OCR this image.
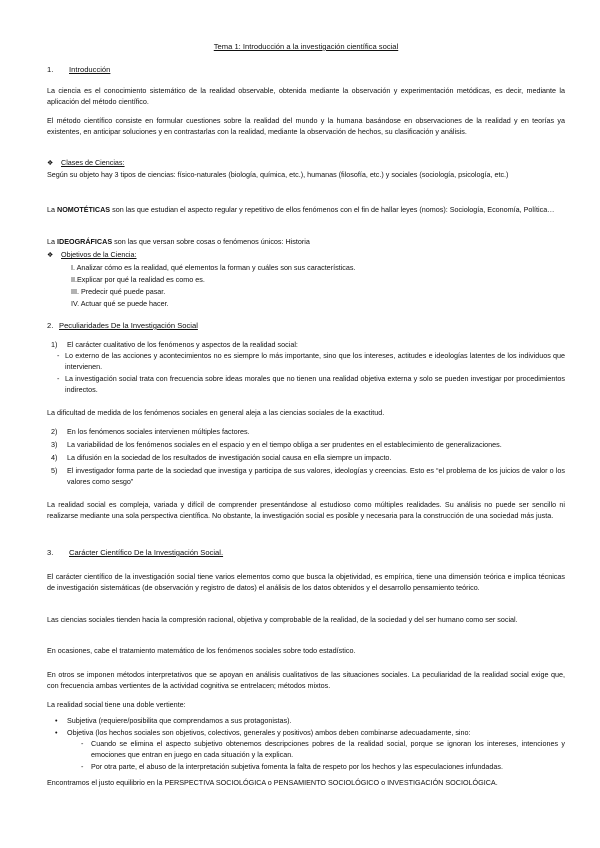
Tema 1: Introducción a la investigación científica social
1. Introducción

La ciencia es el conocimiento sistemático de la realidad observable, obtenida mediante la observación y experimentación metódicas, es decir, mediante la aplicación del método científico.

El método científico consiste en formular cuestiones sobre la realidad del mundo y la humana basándose en observaciones de la realidad y en teorías ya existentes, en anticipar soluciones y en contrastarlas con la realidad, mediante la observación de hechos, su clasificación y análisis.

❖ Clases de Ciencias:

Según su objeto hay 3 tipos de ciencias: físico-naturales (biología, química, etc.), humanas (filosofía, etc.) y sociales (sociología, psicología, etc.)

La NOMOTÉTICAS son las que estudian el aspecto regular y repetitivo de ellos fenómenos con el fin de hallar leyes (nomos): Sociología, Economía, Política…

La IDEOGRÁFICAS son las que versan sobre cosas o fenómenos únicos: Historia

❖ Objetivos de la Ciencia:
I. Analizar cómo es la realidad, qué elementos la forman y cuáles son sus características.
II.Explicar por qué la realidad es como es.
III. Predecir qué puede pasar.
IV. Actuar qué se puede hacer.
2. Peculiaridades De la Investigación Social
1) El carácter cualitativo de los fenómenos y aspectos de la realidad social:
- Lo externo de las acciones y acontecimientos no es siempre lo más importante, sino que los intereses, actitudes e ideologías latentes de los individuos que intervienen.

- La investigación social trata con frecuencia sobre ideas morales que no tienen una realidad objetiva externa y solo se pueden investigar por procedimientos indirectos.

La dificultad de medida de los fenómenos sociales en general aleja a las ciencias sociales de la exactitud.

2) En los fenómenos sociales intervienen múltiples factores.
3) La variabilidad de los fenómenos sociales en el espacio y en el tiempo obliga a ser prudentes en el establecimiento de generalizaciones.
4) La difusión en la sociedad de los resultados de investigación social causa en ella siempre un impacto.
5) El investigador forma parte de la sociedad que investiga y participa de sus valores, ideologías y creencias. Esto es “el problema de los juicios de valor o los valores como sesgo”

La realidad social es compleja, variada y difícil de comprender presentándose al estudioso como múltiples realidades. Su análisis no puede ser sencillo ni realizarse mediante una sola perspectiva científica. No obstante, la investigación social es posible y necesaria para la construcción de una sociedad más justa.

3. Carácter Científico De la Investigación Social.

El carácter científico de la investigación social tiene varios elementos como que busca la objetividad, es empírica, tiene una dimensión teórica e implica técnicas de investigación sistemáticas (de observación y registro de datos) el análisis de los datos obtenidos y el desarrollo pensamiento teórico.

Las ciencias sociales tienden hacia la compresión racional, objetiva y comprobable de la realidad, de la sociedad y del ser humano como ser social.

En ocasiones, cabe el tratamiento matemático de los fenómenos sociales sobre todo estadístico.

En otros se imponen métodos interpretativos que se apoyan en análisis cualitativos de las situaciones sociales. La peculiaridad de la realidad social exige que, con frecuencia ambas vertientes de la actividad cognitiva se entrelacen; métodos mixtos.

La realidad social tiene una doble vertiente:

• Subjetiva (requiere/posibilita que comprendamos a sus protagonistas).
• Objetiva (los hechos sociales son objetivos, colectivos, generales y positivos) ambos deben combinarse adecuadamente, sino:
- Cuando se elimina el aspecto subjetivo obtenemos descripciones pobres de la realidad social, porque se ignoran los intereses, intenciones y emociones que entran en juego en cada situación y la explican.

- Por otra parte, el abuso de la interpretación subjetiva fomenta la falta de respeto por los hechos y las especulaciones infundadas.

Encontramos el justo equilibrio en la PERSPECTIVA SOCIOLÓGICA o PENSAMIENTO SOCIOLÓGICO o INVESTIGACIÓN SOCIOLÓGICA.
